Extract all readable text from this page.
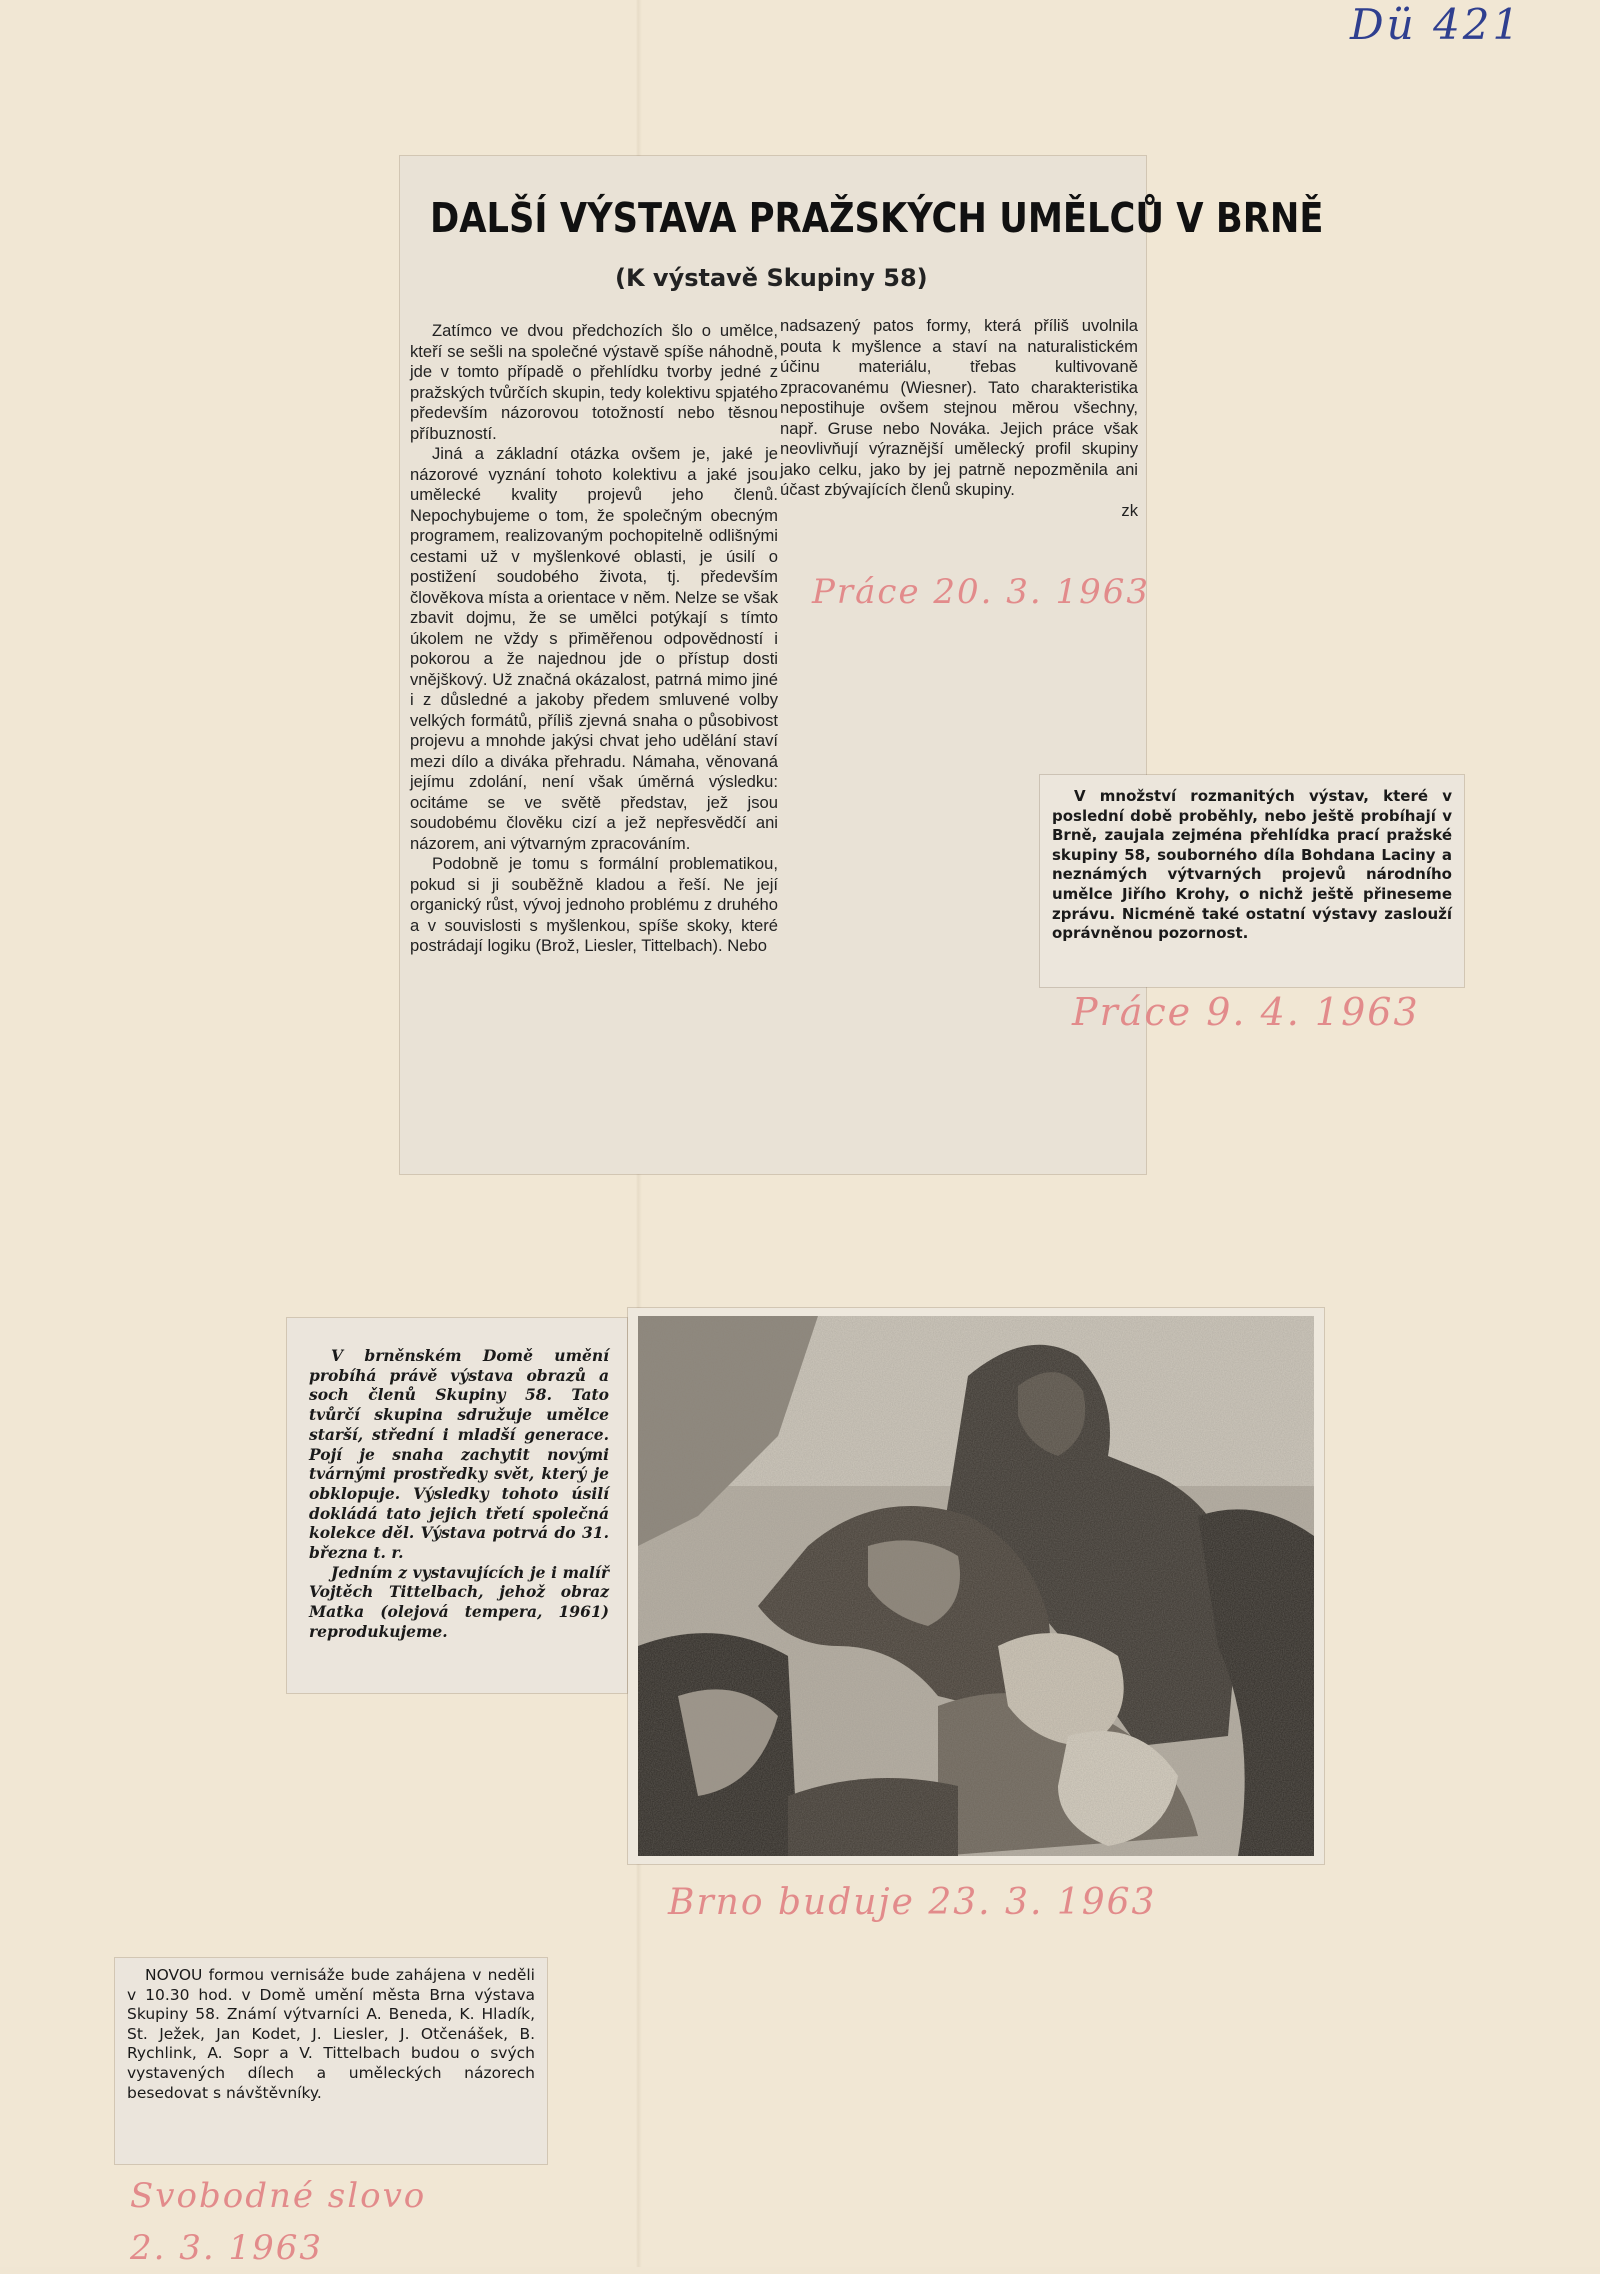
Dü 421
DALŠÍ VÝSTAVA PRAŽSKÝCH UMĚLCŮ V BRNĚ
(K výstavě Skupiny 58)

Zatímco ve dvou předchozích šlo o umělce, kteří se sešli na společné výstavě spíše náhodně, jde v tomto případě o přehlídku tvorby jedné z pražských tvůrčích skupin, tedy kolektivu spjatého především názorovou totožností nebo těsnou příbuzností.

Jiná a základní otázka ovšem je, jaké je názorové vyznání tohoto kolektivu a jaké jsou umělecké kvality projevů jeho členů. Nepochybujeme o tom, že společným obecným programem, realizovaným pochopitelně odlišnými cestami už v myšlenkové oblasti, je úsilí o postižení soudobého života, tj. především člověkova místa a orientace v něm. Nelze se však zbavit dojmu, že se umělci potýkají s tímto úkolem ne vždy s přiměřenou odpovědností i pokorou a že najednou jde o přístup dosti vnějškový. Už značná okázalost, patrná mimo jiné i z důsledné a jakoby předem smluvené volby velkých formátů, příliš zjevná snaha o působivost projevu a mnohde jakýsi chvat jeho udělání staví mezi dílo a diváka přehradu. Námaha, věnovaná jejímu zdolání, není však úměrná výsledku: ocitáme se ve světě představ, jež jsou soudobému člověku cizí a jež nepřesvědčí ani názorem, ani výtvarným zpracováním.

Podobně je tomu s formální problematikou, pokud si ji souběžně kladou a řeší. Ne její organický růst, vývoj jednoho problému z druhého a v souvislosti s myšlenkou, spíše skoky, které postrádají logiku (Brož, Liesler, Tittelbach). Nebo

nadsazený patos formy, která příliš uvolnila pouta k myšlence a staví na naturalistickém účinu materiálu, třebas kultivovaně zpracovanému (Wiesner). Tato charakteristika nepostihuje ovšem stejnou měrou všechny, např. Gruse nebo Nováka. Jejich práce však neovlivňují výraznější umělecký profil skupiny jako celku, jako by jej patrně nepozměnila ani účast zbývajících členů skupiny.

zk
Práce 20. 3. 1963

V množství rozmanitých výstav, které v poslední době proběhly, nebo ještě probíhají v Brně, zaujala zejména přehlídka prací pražské skupiny 58, souborného díla Bohdana Laciny a neznámých výtvarných projevů národního umělce Jiřího Krohy, o nichž ještě přineseme zprávu. Nicméně také ostatní výstavy zaslouží oprávněnou pozornost.

Práce 9. 4. 1963

V brněnském Domě umění probíhá právě výstava obrazů a soch členů Skupiny 58. Tato tvůrčí skupina sdružuje umělce starší, střední i mladší generace. Pojí je snaha zachytit novými tvárnými prostředky svět, který je obklopuje. Výsledky tohoto úsilí dokládá tato jejich třetí společná kolekce děl. Výstava potrvá do 31. března t. r.

Jedním z vystavujících je i malíř Vojtěch Tittelbach, jehož obraz Matka (olejová tempera, 1961) reprodukujeme.

Brno buduje 23. 3. 1963

NOVOU formou vernisáže bude zahájena v neděli v 10.30 hod. v Domě umění města Brna výstava Skupiny 58. Známí výtvarníci A. Beneda, K. Hladík, St. Ježek, Jan Kodet, J. Liesler, J. Otčenášek, B. Rychlink, A. Sopr a V. Tittelbach budou o svých vystavených dílech a uměleckých názorech besedovat s návštěvníky.

Svobodné slovo 2. 3. 1963
